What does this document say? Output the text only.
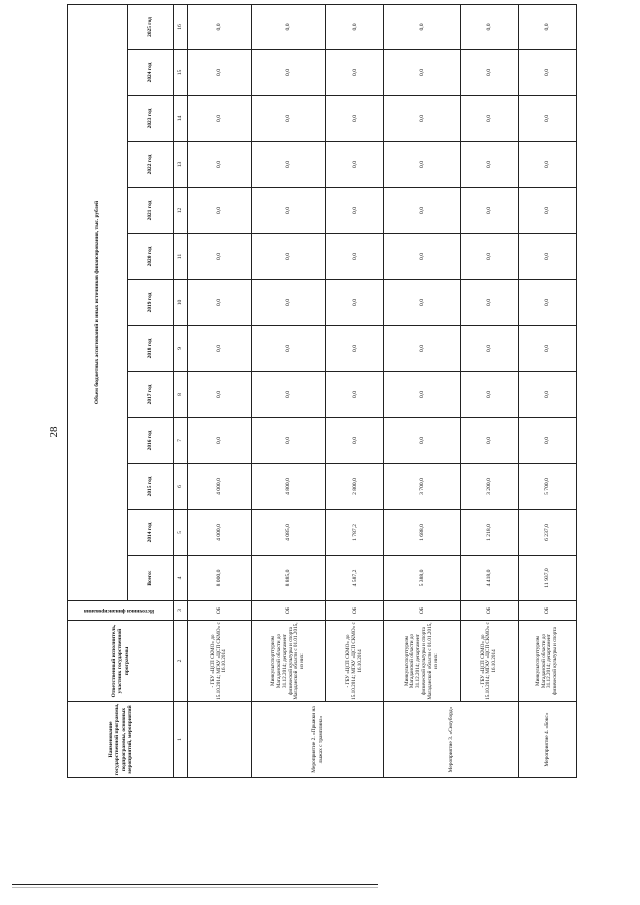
28
Наименование государственной программы, подпрограммы, основных мероприятий, мероприятий	Ответственный исполнитель, участник государственной программы	Источники финансирования	Объем бюджетных ассигнований и иных источников финансирования, тыс. рублей												
			Всего:	2014 год	2015 год	2016 год	2017 год	2018 год	2019 год	2020 год	2021 год	2022 год	2023 год	2024 год	2025 год
1	2	3	4	5	6	7	8	9	10	11	12	13	14	15	16
	- ГБУ «ЦСП СКМО» до 15.10.2014; МГАУ «ЦСП СКМО» с 16.10.2014	ОБ	8 000,0	4 000,0	4 000,0	0,0	0,0	0,0	0,0	0,0	0,0	0,0	0,0	0,0	0,0
Мероприятие 2. «Прыжки на лыжах с трамплина»	Минкультспорттуризм Магаданской области до 31.12.2014; департамент физической культуры и спорта Магаданской области с 01.01.2015, из них:	ОБ	8 885,0	4 085,0	4 800,0	0,0	0,0	0,0	0,0	0,0	0,0	0,0	0,0	0,0	0,0
	- ГБУ «ЦСП СКМО» до 15.10.2014; МГАУ «ЦСП СКМО» с 16.10.2014	ОБ	4 587,2	1 787,2	2 800,0	0,0	0,0	0,0	0,0	0,0	0,0	0,0	0,0	0,0	0,0
Мероприятие 3. «Сноуборд»	Минкультспорттуризм Магаданской области до 31.12.2014; департамент физической культуры и спорта Магаданской области с 01.01.2015, из них:	ОБ	5 388,0	1 688,0	3 700,0	0,0	0,0	0,0	0,0	0,0	0,0	0,0	0,0	0,0	0,0
	- ГБУ «ЦСП СКМО» до 15.10.2014; МГАУ «ЦСП СКМО» с 16.10.2014	ОБ	4 418,0	1 218,0	3 200,0	0,0	0,0	0,0	0,0	0,0	0,0	0,0	0,0	0,0	0,0
Мероприятие 4. «Бокс»	Минкультспорттуризм Магаданской области до 31.12.2014; департамент физической культуры и спорта	ОБ	11 937,0	6 237,0	5 700,0	0,0	0,0	0,0	0,0	0,0	0,0	0,0	0,0	0,0	0,0
